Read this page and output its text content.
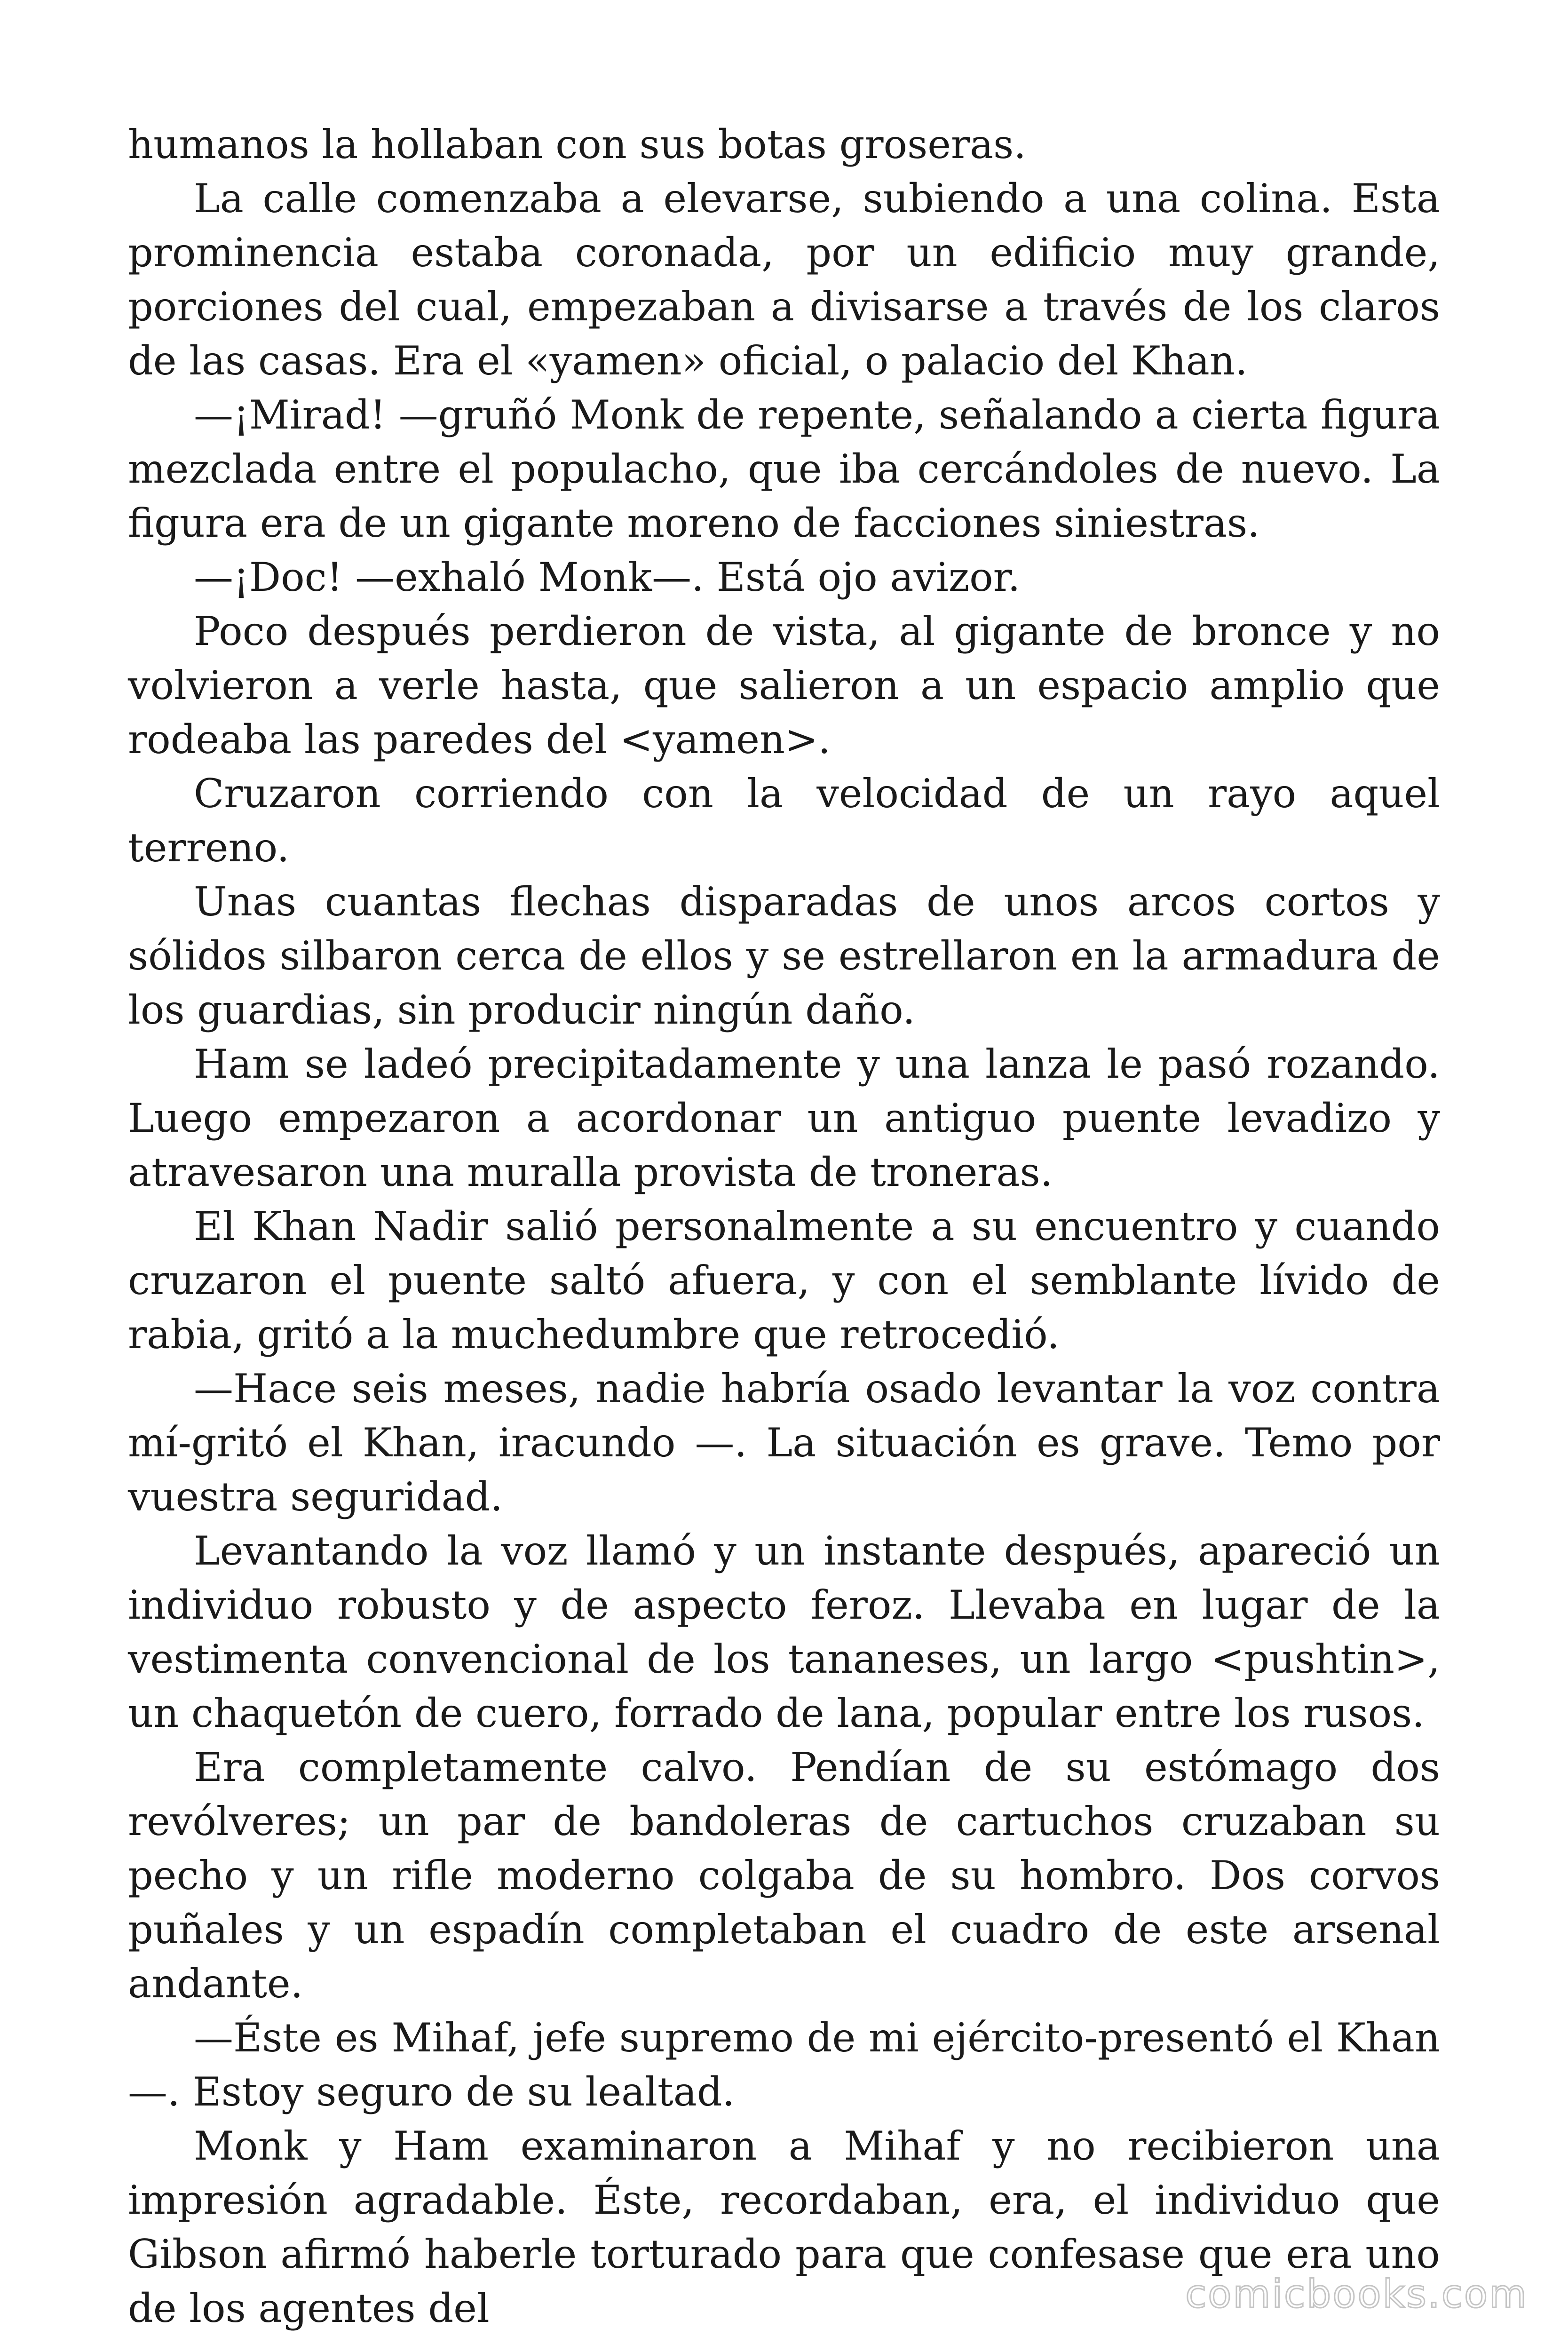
humanos la hollaban con sus botas groseras.

La calle comenzaba a elevarse, subiendo a una colina. Esta prominencia estaba coronada, por un edificio muy grande, porciones del cual, empezaban a divisarse a través de los claros de las casas. Era el «yamen» oficial, o palacio del Khan.

—¡Mirad! —gruñó Monk de repente, señalando a cierta figura mezclada entre el populacho, que iba cercándoles de nuevo. La figura era de un gigante moreno de facciones siniestras.

—¡Doc! —exhaló Monk—. Está ojo avizor.

Poco después perdieron de vista, al gigante de bronce y no volvieron a verle hasta, que salieron a un espacio amplio que rodeaba las paredes del <yamen>.

Cruzaron corriendo con la velocidad de un rayo aquel terreno.

Unas cuantas flechas disparadas de unos arcos cortos y sólidos silbaron cerca de ellos y se estrellaron en la armadura de los guardias, sin producir ningún daño.

Ham se ladeó precipitadamente y una lanza le pasó rozando. Luego empezaron a acordonar un antiguo puente levadizo y atravesaron una muralla provista de troneras.

El Khan Nadir salió personalmente a su encuentro y cuando cruzaron el puente saltó afuera, y con el semblante lívido de rabia, gritó a la muchedumbre que retrocedió.

—Hace seis meses, nadie habría osado levantar la voz contra mí-gritó el Khan, iracundo —. La situación es grave. Temo por vuestra seguridad.

Levantando la voz llamó y un instante después, apareció un individuo robusto y de aspecto feroz. Llevaba en lugar de la vestimenta convencional de los tananeses, un largo <pushtin>, un chaquetón de cuero, forrado de lana, popular entre los rusos.

Era completamente calvo. Pendían de su estómago dos revólveres; un par de bandoleras de cartuchos cruzaban su pecho y un rifle moderno colgaba de su hombro. Dos corvos puñales y un espadín completaban el cuadro de este arsenal andante.

—Éste es Mihaf, jefe supremo de mi ejército-presentó el Khan —. Estoy seguro de su lealtad.

Monk y Ham examinaron a Mihaf y no recibieron una impresión agradable. Éste, recordaban, era, el individuo que Gibson afirmó haberle torturado para que confesase que era uno de los agentes del	comicbooks.com
